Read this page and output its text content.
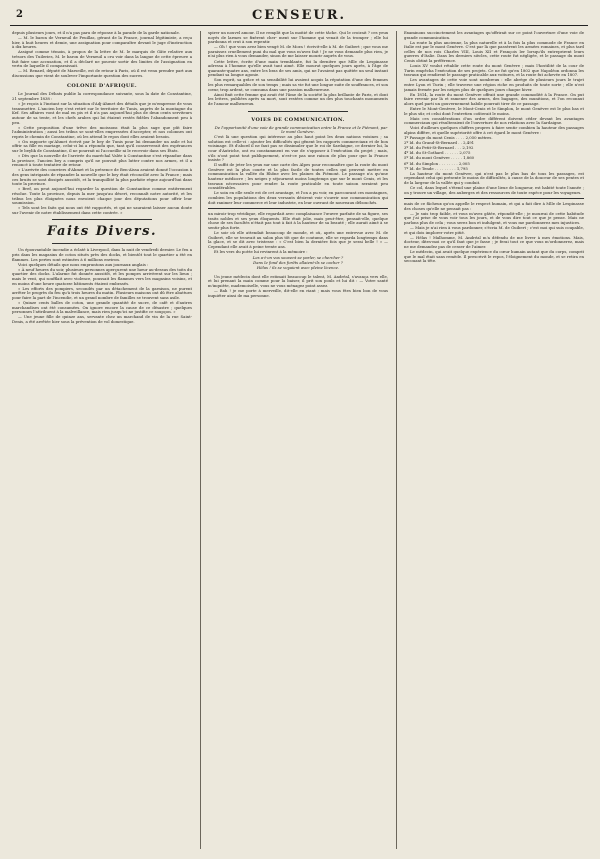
2	CENSEUR.

depuis plusieurs jours, et il n'a pas paru de réponse à la parade de la garde nationale.

— M. le baron de Verneuil de Feuillas, gérant de la France, journal légitimiste, a reçu hier, à huit heures et demie, une assignation pour comparaître devant le juge d'instruction à dix heures.

Assigné comme témoin, à propos de la lettre de M. le marquis de Gâte relative aux trésors des Tuileries, M. le baron de Verneuil a cru voir dans la langue de cette épreuve a fait faire une accusation, et il a déclaré ne pouvoir sortir des limites de l'assignation en vertu de laquelle il comparaissait.

— M. Renard, député de Marseille, est de retour à Paris, où il est venu prendre part aux discussions que vient de soulever l'importante question des sucres.

COLONIE D'AFRIQUE.

Le Journal des Débats publie la correspondance suivante, sous la date de Constantine, 21 septembre 1838 :

« Je reçois à l'instant sur la situation d'Adj-Ahmet des détails que je m'empresse de vous transmettre. L'ancien bey s'est retiré sur le territoire de Tunis, auprès de la montagne du Kef. Ses affaires vont de mal en pis et il n'a pas aujourd'hui plus de deux cents serviteurs autour de sa tente, et les chefs arabes qui lui étaient restés fidèles l'abandonnent peu à peu.

« Cette proposition d'une trêve des moissons était la plus sage que pût faire l'administration ; aussi les tribus se sont-elles empressées d'accepter, et nos colonnes ont repris le chemin de Constantine, où les attend le repos dont elles avaient besoin.

« On rapporte qu'Ahmet écrivit par le bey de Tunis pour lui demander un asile et lui offrir sa fille en mariage, celui-ci lui a répondu que, tant qu'il conserverait des espérances sur le beylik de Constantine, il ne pourrait ni l'accueillir ni le recevoir dans ses États.

« Dès que la nouvelle de l'arrivée du maréchal Valée à Constantine s'est répandue dans la province, l'ancien bey a compris qu'il ne pouvait plus lutter contre nos armes, et il a renoncé à toute tentative de retour.

« L'arrivée des courriers d'Ahmet et la présence de Ben-Aïssa avaient donné l'occasion à des gens intrigants de répandre la nouvelle que le bey était réconcilié avec la France ; mais ces bruits se sont dissipés aussitôt, et la tranquillité la plus parfaite règne aujourd'hui dans toute la province.

« Bref, on peut aujourd'hui regarder la question de Constantine comme entièrement résolue. Toute la province, depuis la mer jusqu'au désert, reconnaît notre autorité, et les tribus les plus éloignées nous envoient chaque jour des députations pour offrir leur soumission.

« Tels sont les faits qui nous ont été rapportés, et qui ne sauraient laisser aucun doute sur l'avenir de notre établissement dans cette contrée. »

Faits Divers.

Un épouvantable incendie a éclaté à Liverpool, dans la nuit de vendredi dernier. Le feu a pris dans les magasins de coton situés près des docks, et bientôt tout le quartier a été en flammes. Les pertes sont estimées à 6 millions environ.

Voici quelques détails que nous empruntons aux journaux anglais :

« À neuf heures du soir, plusieurs personnes aperçurent une lueur au-dessus des toits du quartier des docks. L'alarme fut donnée aussitôt, et les pompes arrivèrent sur les lieux ; mais le vent, qui soufflait avec violence, poussait les flammes vers les magasins voisins, et en moins d'une heure quatorze bâtiments étaient embrasés.

« Les efforts des pompiers, secondés par un détachement de la garnison, ne purent arrêter le progrès du feu qu'à trois heures du matin. Plusieurs maisons ont dû être abattues pour faire la part de l'incendie, et un grand nombre de familles se trouvent sans asile.

« Quinze cents balles de coton, une grande quantité de sucre, de café et d'autres marchandises ont été consumées. On ignore encore la cause de ce désastre ; quelques personnes l'attribuent à la malveillance, mais rien jusqu'ici ne justifie ce soupçon. »

— Une jeune fille de quinze ans, servante chez un marchand de vin de la rue Saint-Denis, a été arrêtée hier sous la prévention de vol domestique.

spirer un nouvel amour. Il ne remplit que la moitié de cette tâche. Qui le croirait ? ces yeux noyés de larmes se fixèrent cher- ment sur l'homme qui venait de la tromper ; elle lui pardonna et crut à son repentir.

— Oh ! que vous avez bien vengé M. de Mora ! écrivit-elle à M. de Guibert ; que vous me paraissez cruellement puni du mal que vous m'avez fait ! Je ne vous demande plus rien, je n'ai plus rien à vous demander, sinon de me laisser mourir auprès de vous.

Cette lettre, écrite d'une main tremblante, fut la dernière que Mlle de Lespinasse adressa à l'homme qu'elle avait tant aimé. Elle mourut quelques jours après, à l'âge de quarante-quatre ans, entre les bras de ses amis, qui ne l'avaient pas quittée un seul instant pendant sa longue agonie.

Son esprit, sa grâce et sa sensibilité lui avaient acquis la réputation d'une des femmes les plus remarquables de son temps ; mais sa vie fut une longue suite de souffrances, et son cœur, trop ardent, se consuma dans une passion malheureuse.

Ainsi finit cette femme qui avait été l'âme de la société la plus brillante de Paris, et dont les lettres, publiées après sa mort, sont restées comme un des plus touchants monuments de l'amour malheureux.

VOIES DE COMMUNICATION.

De l'opportunité d'une voie de grande communication entre la France et le Piémont, par le mont Genèvre.

C'est là une question qui intéresse au plus haut point les deux nations voisines ; sa solution est celle-ci : ajouter les difficultés qui gênent les rapports commerciaux et de bon voisinage. Et d'abord il ne faut pas se dissimuler que le roi de Sardaigne, ce dernier lui, la cour d'Autriche, ont eu constamment en vue de s'opposer à l'exécution du projet ; mais, s'ils n'ont point tout publiquement, n'est-ce pas une raison de plus pour que la France insiste ?

Il suffit de jeter les yeux sur une carte des Alpes pour reconnaître que la route du mont Genèvre est la plus courte et la plus facile de toutes celles qui peuvent mettre en communication la vallée du Rhône avec les plaines du Piémont. Le passage n'a qu'une hauteur médiocre ; les neiges y séjournent moins longtemps que sur le mont Cenis, et les travaux nécessaires pour rendre la route praticable en toute saison seraient peu considérables.

Le soin en elle seule est de cet avantage, et l'on a pu voir, en parcourant ces montagnes, combien les populations des deux versants désirent voir s'ouvrir une communication qui doit ranimer leur commerce et leur industrie, en leur ouvrant de nouveaux débouchés.

un miroir trop véridique, elle regardait avec complaisance l'œuvre parfaite de sa figure, ses traits nobles et ses yeux éloquents. Elle était jolie, mais peut-être, pensait-elle, quelque chose de ses facultés n'était pas tout à fait à la hauteur de sa beauté ; elle aurait aimé à se sentir plus forte.

Le soir où elle attendait beaucoup de monde, et où, après une entrevue avec M. de Guibert, elle se trouvait au salon plus tôt que de coutume, elle se regarda longtemps dans la glace, et se dit avec tristesse : « C'est bien la dernière fois que je serai belle ! » — Cependant elle avait à peine trente ans.

Et les vers du poète lui revinrent à la mémoire :

Les a-t-on vus souvent se parler, se chercher ?
Dans le fond des forêts allaient-ils se cacher ?
Hélas ! ils se voyaient avec pleine licence.

Un jeune médecin dont elle estimait beaucoup le talent, M. Andréal, s'avança vers elle, et lui prenant la main comme pour la baiser, il prit son pouls et lui dit : — Votre santé m'inquiète, mademoiselle, vous ne vous ménagez point assez.

— Bah ! je me porte à merveille, dit-elle en riant ; mais vous êtes bien bon de vous inquiéter ainsi de ma personne.

Examinons succinctement les avantages qu'offrirait sur ce point l'ouverture d'une voie de grande communication.

La route la plus ancienne, la plus naturelle et à la fois la plus commode de France en Italie est par le mont Genèvre. C'est par là que passèrent les armées romaines, et plus tard celles de nos rois Charles VIII, Louis XII et François Ier lorsqu'ils entreprirent leurs guerres d'Italie. Dans les derniers siècles, cette route fut négligée, et le passage du mont Cenis obtint la préférence.

Louis XV voulut rétablir cette route du mont Genèvre ; mais l'hostilité de la cour de Turin empêcha l'exécution de ses projets. Ce ne fut qu'en 1802 que Napoléon ordonna les travaux qui rendirent le passage praticable aux voitures, et la route fut achevée en 1807.

Les avantages de cette voie sont nombreux : elle abrège de plusieurs jours le trajet entre Lyon et Turin ; elle traverse une région riche en produits de toute sorte ; elle n'est jamais fermée par les neiges plus de quelques jours chaque hiver.

En 1814, la route du mont Genèvre offrait une grande commodité à la France. On put faire revenir par là et ramener des armes, des bagages, des munitions, et l'on reconnut alors quel parti un gouvernement habile pourrait tirer de ce passage.

Entre le Mont-Genèvre, le Mont-Cenis et le Simplon, le mont Genèvre est le plus bas et le plus sûr, et celui dont l'entretien coûterait le moins.

Mais ces considérations d'un ordre différent doivent céder devant les avantages commerciaux qui résulteraient de l'ouverture de nos relations avec la Sardaigne.

Voici d'ailleurs quelques chiffres propres à faire sentir combien la hauteur des passages alpins diffère, et quelle supériorité offre à cet égard le mont Genèvre :

1º Passage du mont Cenis . . . . 2,050 mètres.

2º Id. du Grand-St-Bernard . . 2,491

3º Id. du Petit-St-Bernard . . . 2,192

4º Id. du St-Gothard . . . . . . 2,075

5º Id. du mont Genèvre . . . . . 1,860

6º Id. du Simplon . . . . . . . . 2,005

7º Id. de Tende . . . . . . . . . 1,795

La hauteur du mont Genèvre, qui n'est pas le plus bas de tous les passages, est cependant celui qui présente le moins de difficultés, à cause de la douceur de ses pentes et de la largeur de la vallée qui y conduit.

Ce col, dans lequel s'étend une plaine d'une lieue de longueur, est habité toute l'année ; on y trouve un village, des auberges et des ressources de toute espèce pour les voyageurs.

mais de ce fâcheux qu'on appelle le respect humain, et qui a fait dire à Mlle de Lespinasse des choses qu'elle ne pensait pas :

— Je suis trop faible, et vous m'avez gâtée, répondit-elle ; je mourrai de cette habitude que j'ai prise de vous voir tous les jours, et de vous dire tout ce que je pense. Mais ne parlons plus de cela ; vous serez bon et indulgent, et vous me pardonnerez mes injustices.

— Mais je n'ai rien à vous pardonner, s'écria M. de Guibert ; c'est moi qui suis coupable, et qui dois implorer votre pitié.

— Hélas ! Malhomme, M. Andréal m'a défendu de me livrer à mes émotions. Mais, docteur, dites-moi ce qu'il faut que je fasse ; je ferai tout ce que vous m'ordonnerez, mais ne me demandez pas de cesser de l'aimer.

Le médecin, qui avait quelque expérience du cœur humain autant que du corps, comprit que le mal était sans remède. Il prescrivit le repos, l'éloignement du monde, et se retira en secouant la tête.
